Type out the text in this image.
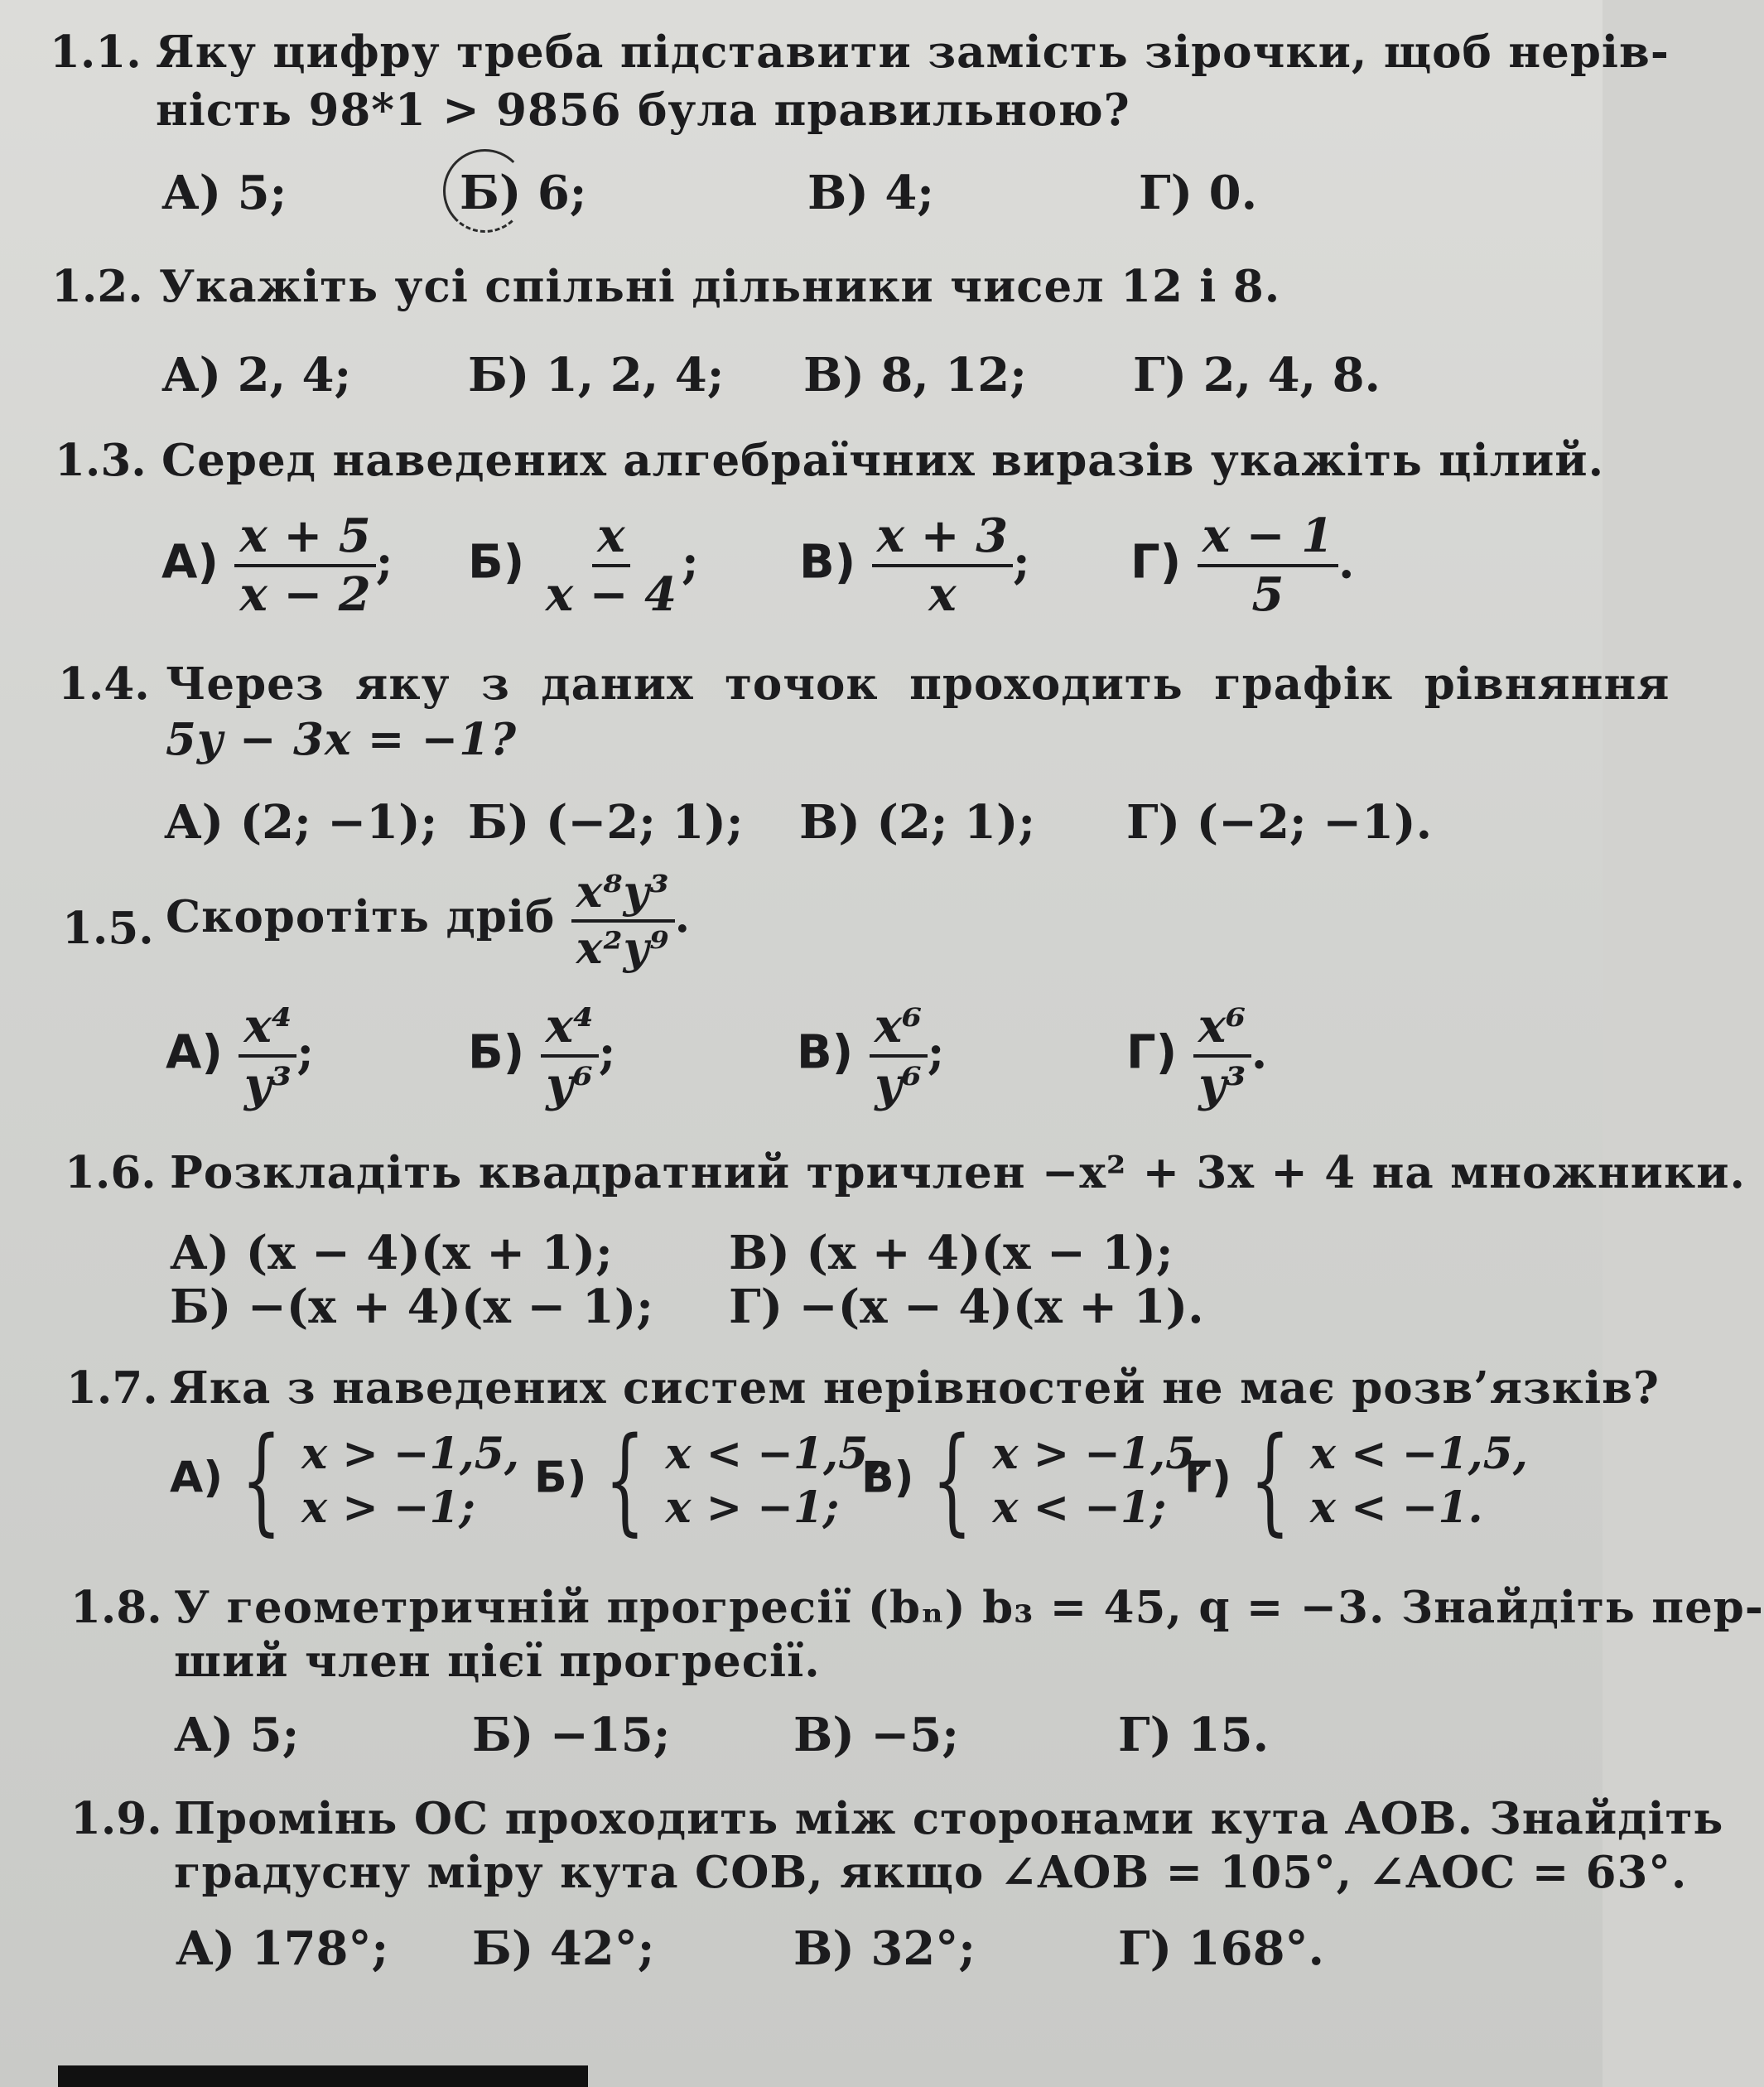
1.1. Яку цифру треба підставити замість зірочки, щоб нерів-
ність 98*1 > 9856 була правильною?
А) 5;	Б) 6;	В) 4;	Г) 0.
1.2. Укажіть усі спільні дільники чисел 12 і 8.
А) 2, 4;	Б) 1, 2, 4; В) 8, 12; Г) 2, 4, 8.
1.3. Серед наведених алгебраїчних виразів укажіть цілий.
$А) \frac{x + 5}{x - 2}$ ; $Б) \frac{x}{x - 4}$ ; $В) \frac{x + 3}{x}$ ; $Г) \frac{x - 1}{5}$ .
1.4. Через яку з даних точок проходить графік рівняння
5y − 3x = −1?
А) (2; −1); Б) (−2; 1); В) (2; 1); Г) (−2; −1).
1.5. Скоротіть дріб $\frac{\text{x⁸y³}}{\text{x²y⁹}}$ .
$А) \frac{\text{x⁴}}{\text{y³}}$ ;	$Б) \frac{\text{x⁴}}{\text{y⁶}}$ ;	$В) \frac{\text{x⁶}}{\text{y⁶}}$ ;	$Г) \frac{\text{x⁶}}{\text{y³}}$ .
1.6. Розкладіть квадратний тричлен −x² + 3x + 4 на множники.
А) (x − 4)(x + 1);	В) (x + 4)(x − 1);
Б) −(x + 4)(x − 1); Г) −(x − 4)(x + 1).
1.7. Яка з наведених систем нерівностей не має розв’язків?
А) { x > −1,5,
x > −1;
Б) { x < −1,5,
x > −1;
В) { x > −1,5,
x < −1;
Г) { x < −1,5,
x < −1.
1.8. У геометричній прогресії (bₙ) b₃ = 45, q = −3. Знайдіть пер-
ший член цієї прогресії.
А) 5;	Б) −15;	В) −5;	Г) 15.
1.9. Промінь OC проходить між сторонами кута AOB. Знайдіть
градусну міру кута COB, якщо ∠AOB = 105°, ∠AOC = 63°.
А) 178°; Б) 42°;	В) 32°;	Г) 168°.
